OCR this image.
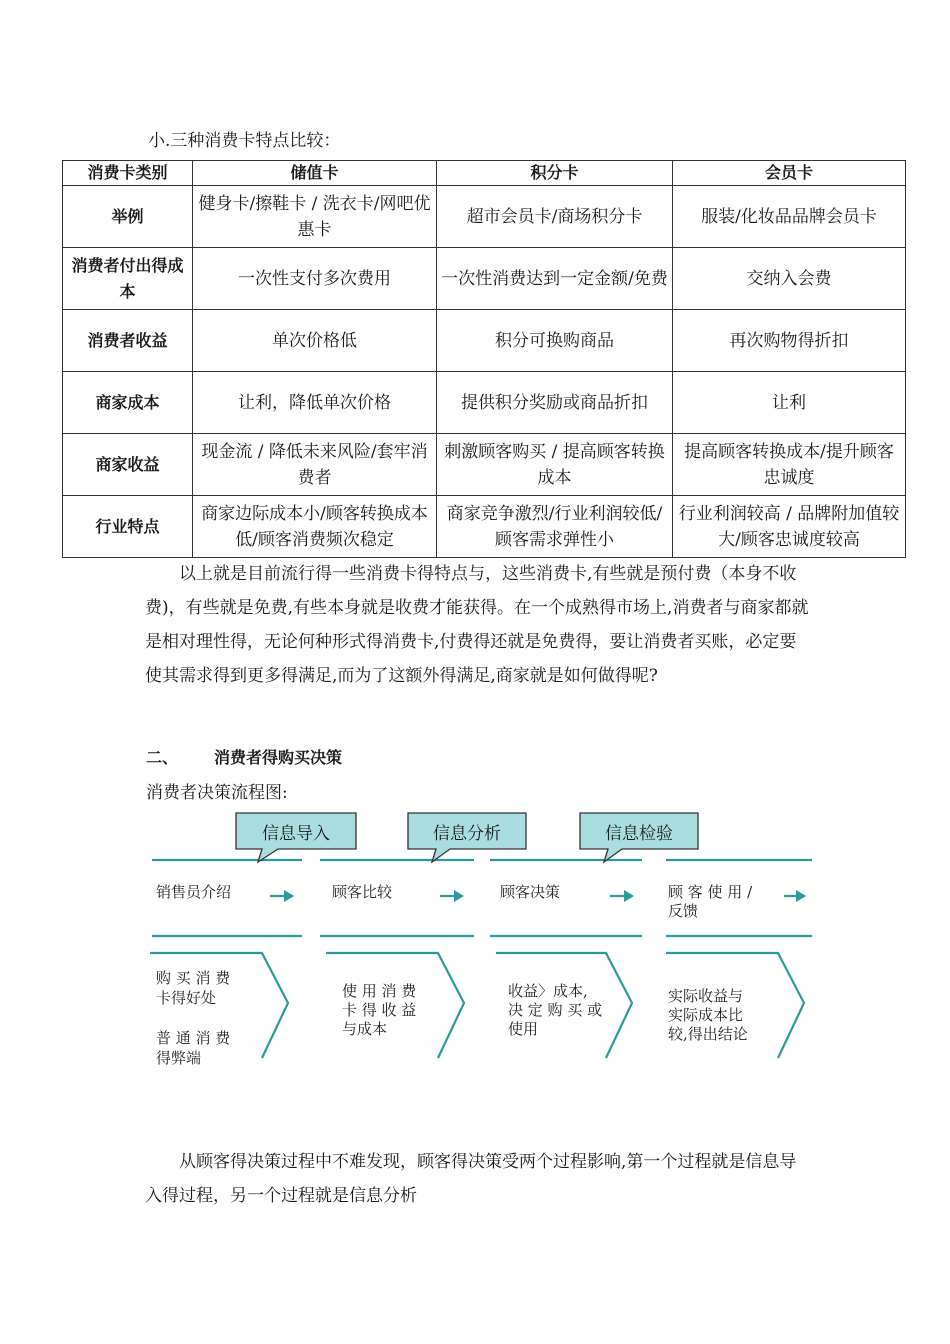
小.三种消费卡特点比较：
消费卡类别	储值卡	积分卡	会员卡
举例	健身卡/擦鞋卡 / 洗衣卡/网吧优惠卡	超市会员卡/商场积分卡	服装/化妆品品牌会员卡
消费者付出得成本	一次性支付多次费用	一次性消费达到一定金额/免费	交纳入会费
消费者收益	单次价格低	积分可换购商品	再次购物得折扣
商家成本	让利，降低单次价格	提供积分奖励或商品折扣	让利
商家收益	现金流 / 降低未来风险/套牢消费者	刺激顾客购买 / 提高顾客转换成本	提高顾客转换成本/提升顾客忠诚度
行业特点	商家边际成本小/顾客转换成本低/顾客消费频次稳定	商家竞争激烈/行业利润较低/顾客需求弹性小	行业利润较高 / 品牌附加值较大/顾客忠诚度较高

以上就是目前流行得一些消费卡得特点与，这些消费卡,有些就是预付费（本身不收费)，有些就是免费,有些本身就是收费才能获得。在一个成熟得市场上,消费者与商家都就是相对理性得，无论何种形式得消费卡,付费得还就是免费得，要让消费者买账，必定要使其需求得到更多得满足,而为了这额外得满足,商家就是如何做得呢?

二、 消费者得购买决策
消费者决策流程图:
信息导入	信息分析	信息检验
销售员介绍	顾客比较	顾客决策	顾 客 使 用 /
反馈
购 买 消 费
卡得好处

普 通 消 费
得弊端
使 用 消 费
卡 得 收 益
与成本
收益〉成本,
决 定 购 买 或
使用
实际收益与
实际成本比
较,得出结论

从顾客得决策过程中不难发现，顾客得决策受两个过程影响,第一个过程就是信息导入得过程，另一个过程就是信息分析
